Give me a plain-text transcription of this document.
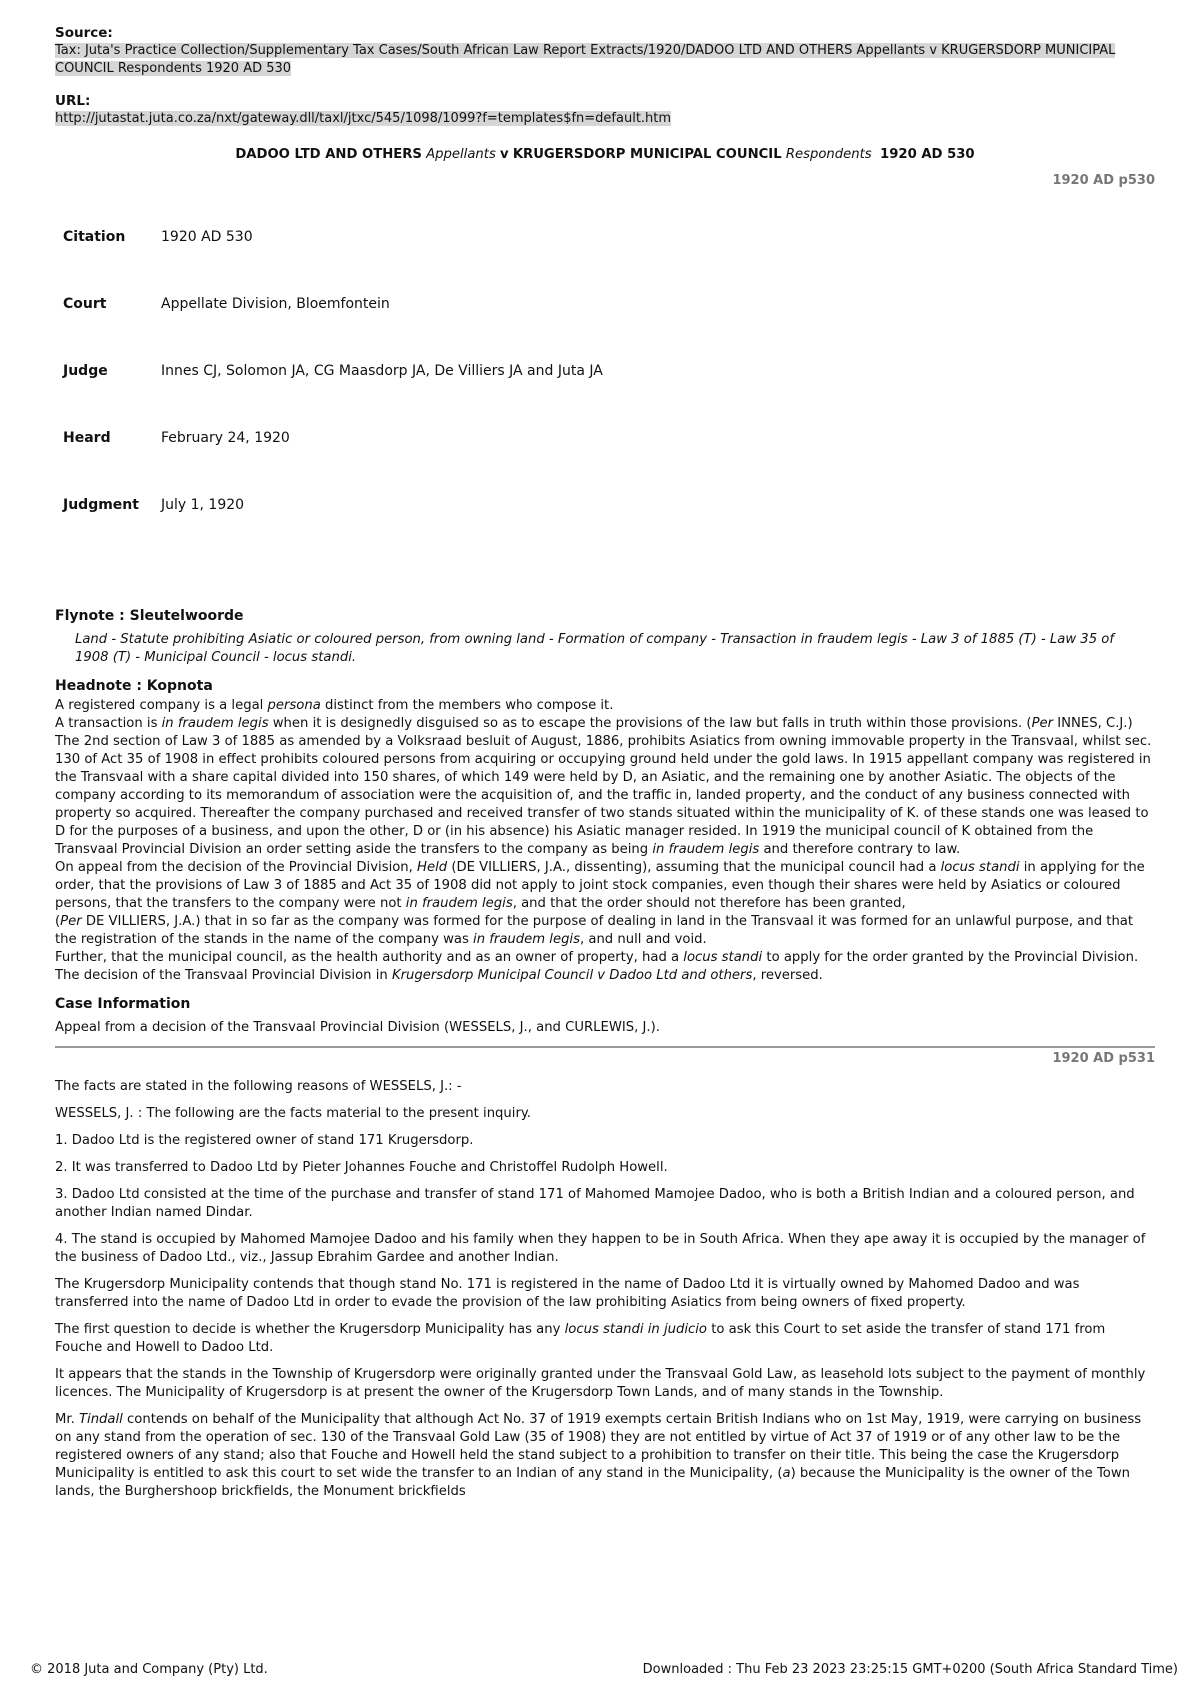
Source:
Tax: Juta's Practice Collection/Supplementary Tax Cases/South African Law Report Extracts/1920/DADOO LTD AND OTHERS Appellants v KRUGERSDORP MUNICIPAL COUNCIL Respondents 1920 AD 530
URL:
http://jutastat.juta.co.za/nxt/gateway.dll/taxl/jtxc/545/1098/1099?f=templates$fn=default.htm
DADOO LTD AND OTHERS Appellants v KRUGERSDORP MUNICIPAL COUNCIL Respondents 1920 AD 530
1920 AD p530
Citation	1920 AD 530
Court	Appellate Division, Bloemfontein
Judge	Innes CJ, Solomon JA, CG Maasdorp JA, De Villiers JA and Juta JA
Heard	February 24, 1920
Judgment	July 1, 1920
Flynote : Sleutelwoorde
Land - Statute prohibiting Asiatic or coloured person, from owning land - Formation of company - Transaction in fraudem legis - Law 3 of 1885 (T) - Law 35 of 1908 (T) - Municipal Council - locus standi.
Headnote : Kopnota

A registered company is a legal persona distinct from the members who compose it.

A transaction is in fraudem legis when it is designedly disguised so as to escape the provisions of the law but falls in truth within those provisions. (Per INNES, C.J.)

The 2nd section of Law 3 of 1885 as amended by a Volksraad besluit of August, 1886, prohibits Asiatics from owning immovable property in the Transvaal, whilst sec. 130 of Act 35 of 1908 in effect prohibits coloured persons from acquiring or occupying ground held under the gold laws. In 1915 appellant company was registered in the Transvaal with a share capital divided into 150 shares, of which 149 were held by D, an Asiatic, and the remaining one by another Asiatic. The objects of the company according to its memorandum of association were the acquisition of, and the traffic in, landed property, and the conduct of any business connected with property so acquired. Thereafter the company purchased and received transfer of two stands situated within the municipality of K. of these stands one was leased to D for the purposes of a business, and upon the other, D or (in his absence) his Asiatic manager resided. In 1919 the municipal council of K obtained from the Transvaal Provincial Division an order setting aside the transfers to the company as being in fraudem legis and therefore contrary to law.

On appeal from the decision of the Provincial Division, Held (DE VILLIERS, J.A., dissenting), assuming that the municipal council had a locus standi in applying for the order, that the provisions of Law 3 of 1885 and Act 35 of 1908 did not apply to joint stock companies, even though their shares were held by Asiatics or coloured persons, that the transfers to the company were not in fraudem legis, and that the order should not therefore has been granted,

(Per DE VILLIERS, J.A.) that in so far as the company was formed for the purpose of dealing in land in the Transvaal it was formed for an unlawful purpose, and that the registration of the stands in the name of the company was in fraudem legis, and null and void.

Further, that the municipal council, as the health authority and as an owner of property, had a locus standi to apply for the order granted by the Provincial Division.

The decision of the Transvaal Provincial Division in Krugersdorp Municipal Council v Dadoo Ltd and others, reversed.

Case Information
Appeal from a decision of the Transvaal Provincial Division (WESSELS, J., and CURLEWIS, J.).
1920 AD p531
The facts are stated in the following reasons of WESSELS, J.: -
WESSELS, J. : The following are the facts material to the present inquiry.
1. Dadoo Ltd is the registered owner of stand 171 Krugersdorp.
2. It was transferred to Dadoo Ltd by Pieter Johannes Fouche and Christoffel Rudolph Howell.
3. Dadoo Ltd consisted at the time of the purchase and transfer of stand 171 of Mahomed Mamojee Dadoo, who is both a British Indian and a coloured person, and another Indian named Dindar.
4. The stand is occupied by Mahomed Mamojee Dadoo and his family when they happen to be in South Africa. When they ape away it is occupied by the manager of the business of Dadoo Ltd., viz., Jassup Ebrahim Gardee and another Indian.
The Krugersdorp Municipality contends that though stand No. 171 is registered in the name of Dadoo Ltd it is virtually owned by Mahomed Dadoo and was transferred into the name of Dadoo Ltd in order to evade the provision of the law prohibiting Asiatics from being owners of fixed property.
The first question to decide is whether the Krugersdorp Municipality has any locus standi in judicio to ask this Court to set aside the transfer of stand 171 from Fouche and Howell to Dadoo Ltd.
It appears that the stands in the Township of Krugersdorp were originally granted under the Transvaal Gold Law, as leasehold lots subject to the payment of monthly licences. The Municipality of Krugersdorp is at present the owner of the Krugersdorp Town Lands, and of many stands in the Township.
Mr. Tindall contends on behalf of the Municipality that although Act No. 37 of 1919 exempts certain British Indians who on 1st May, 1919, were carrying on business on any stand from the operation of sec. 130 of the Transvaal Gold Law (35 of 1908) they are not entitled by virtue of Act 37 of 1919 or of any other law to be the registered owners of any stand; also that Fouche and Howell held the stand subject to a prohibition to transfer on their title. This being the case the Krugersdorp Municipality is entitled to ask this court to set wide the transfer to an Indian of any stand in the Municipality, (a) because the Municipality is the owner of the Town lands, the Burghershoop brickfields, the Monument brickfields
© 2018 Juta and Company (Pty) Ltd.	Downloaded : Thu Feb 23 2023 23:25:15 GMT+0200 (South Africa Standard Time)
